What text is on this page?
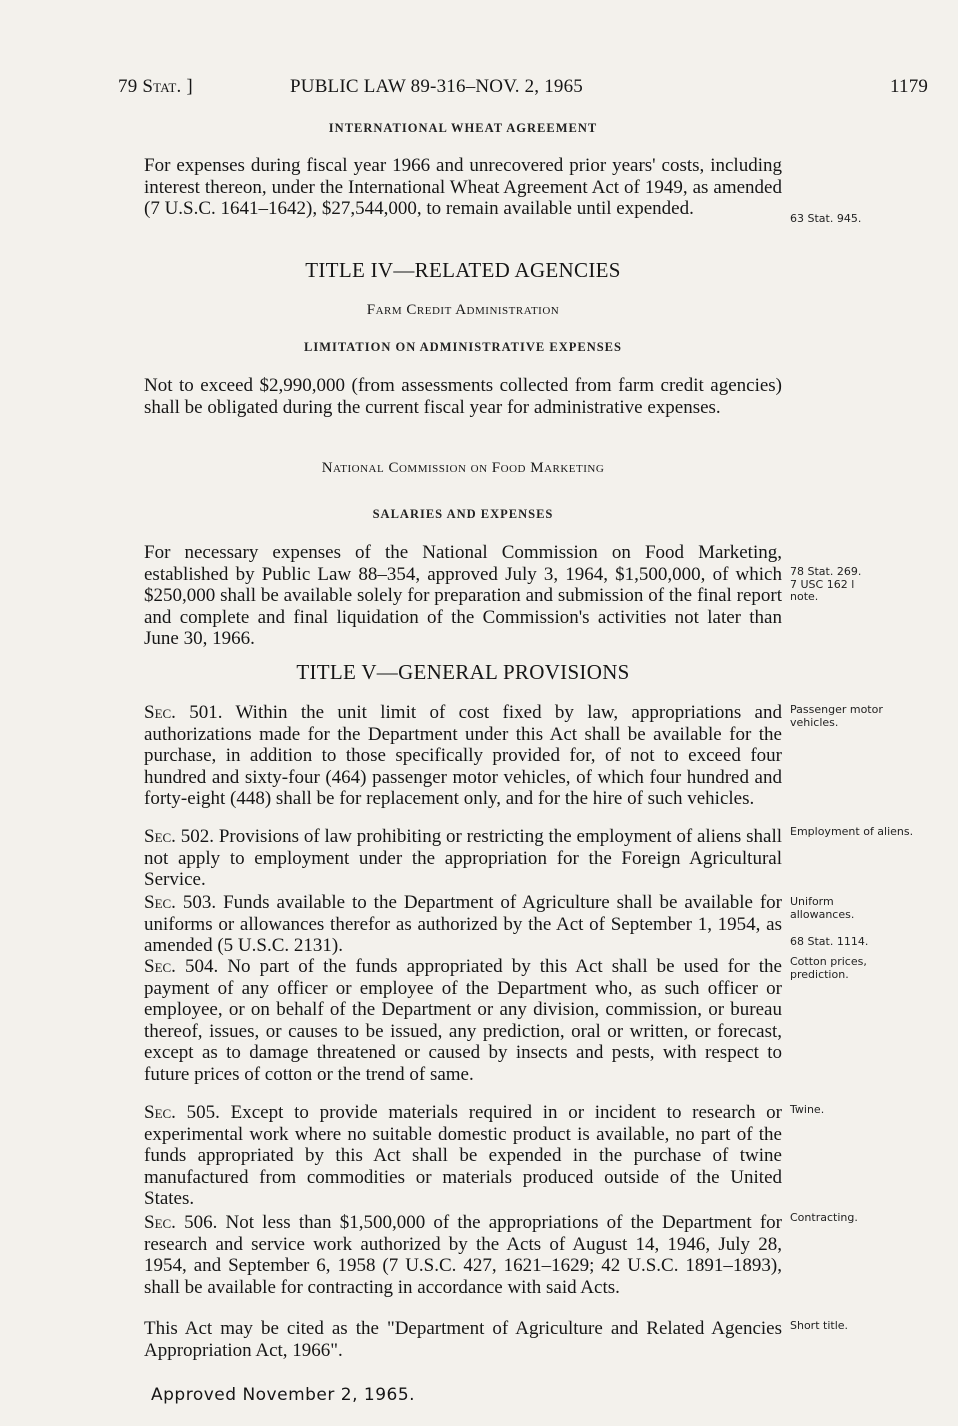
79 Stat. ]	PUBLIC LAW 89-316–NOV. 2, 1965	1179
INTERNATIONAL WHEAT AGREEMENT

For expenses during fiscal year 1966 and unrecovered prior years' costs, including interest thereon, under the International Wheat Agreement Act of 1949, as amended (7 U.S.C. 1641–1642), $27,544,000, to remain available until expended.

TITLE IV—RELATED AGENCIES
Farm Credit Administration
LIMITATION ON ADMINISTRATIVE EXPENSES

Not to exceed $2,990,000 (from assessments collected from farm credit agencies) shall be obligated during the current fiscal year for administrative expenses.

National Commission on Food Marketing
SALARIES AND EXPENSES

For necessary expenses of the National Commission on Food Marketing, established by Public Law 88–354, approved July 3, 1964, $1,500,000, of which $250,000 shall be available solely for preparation and submission of the final report and complete and final liquidation of the Commission's activities not later than June 30, 1966.

TITLE V—GENERAL PROVISIONS

Sec. 501. Within the unit limit of cost fixed by law, appropriations and authorizations made for the Department under this Act shall be available for the purchase, in addition to those specifically provided for, of not to exceed four hundred and sixty-four (464) passenger motor vehicles, of which four hundred and forty-eight (448) shall be for replacement only, and for the hire of such vehicles.

Sec. 502. Provisions of law prohibiting or restricting the employment of aliens shall not apply to employment under the appropriation for the Foreign Agricultural Service.

Sec. 503. Funds available to the Department of Agriculture shall be available for uniforms or allowances therefor as authorized by the Act of September 1, 1954, as amended (5 U.S.C. 2131).

Sec. 504. No part of the funds appropriated by this Act shall be used for the payment of any officer or employee of the Department who, as such officer or employee, or on behalf of the Department or any division, commission, or bureau thereof, issues, or causes to be issued, any prediction, oral or written, or forecast, except as to damage threatened or caused by insects and pests, with respect to future prices of cotton or the trend of same.

Sec. 505. Except to provide materials required in or incident to research or experimental work where no suitable domestic product is available, no part of the funds appropriated by this Act shall be expended in the purchase of twine manufactured from commodities or materials produced outside of the United States.

Sec. 506. Not less than $1,500,000 of the appropriations of the Department for research and service work authorized by the Acts of August 14, 1946, July 28, 1954, and September 6, 1958 (7 U.S.C. 427, 1621–1629; 42 U.S.C. 1891–1893), shall be available for contracting in accordance with said Acts.

This Act may be cited as the "Department of Agriculture and Related Agencies Appropriation Act, 1966".

Approved November 2, 1965.
63 Stat. 945.
78 Stat. 269.
7 USC 162 l
note.
Passenger motor vehicles.
Employment of aliens.
Uniform allowances.
68 Stat. 1114.
Cotton prices, prediction.
Twine.
Contracting.
Short title.
